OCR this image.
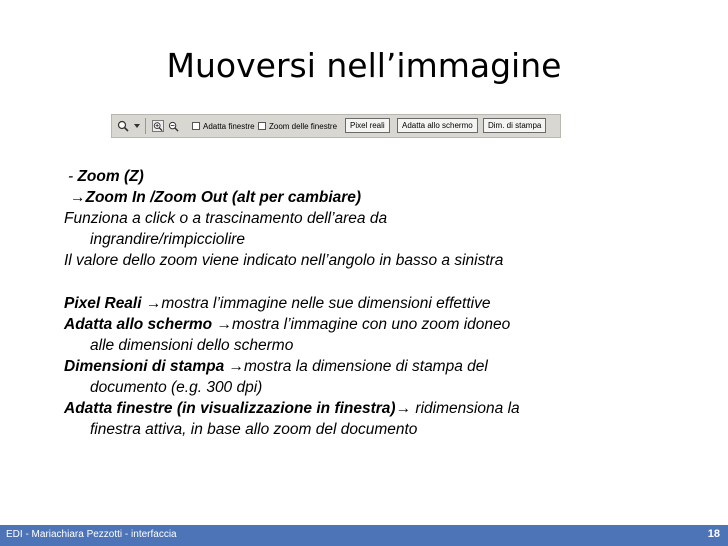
Muoversi nell’immagine
Adatta finestre Zoom delle finestre	Pixel reali	Adatta allo schermo	Dim. di stampa
- Zoom (Z)
→Zoom In /Zoom Out (alt per cambiare)
Funziona a click o a trascinamento dell’area da
ingrandire/rimpicciolire
Il valore dello zoom viene indicato nell’angolo in basso a sinistra
Pixel Reali →mostra l’immagine nelle sue dimensioni effettive
Adatta allo schermo →mostra l’immagine con uno zoom idoneo
alle dimensioni dello schermo
Dimensioni di stampa →mostra la dimensione di stampa del
documento (e.g. 300 dpi)
Adatta finestre (in visualizzazione in finestra)→ ridimensiona la
finestra attiva, in base allo zoom del documento
EDI - Mariachiara Pezzotti - interfaccia	18
